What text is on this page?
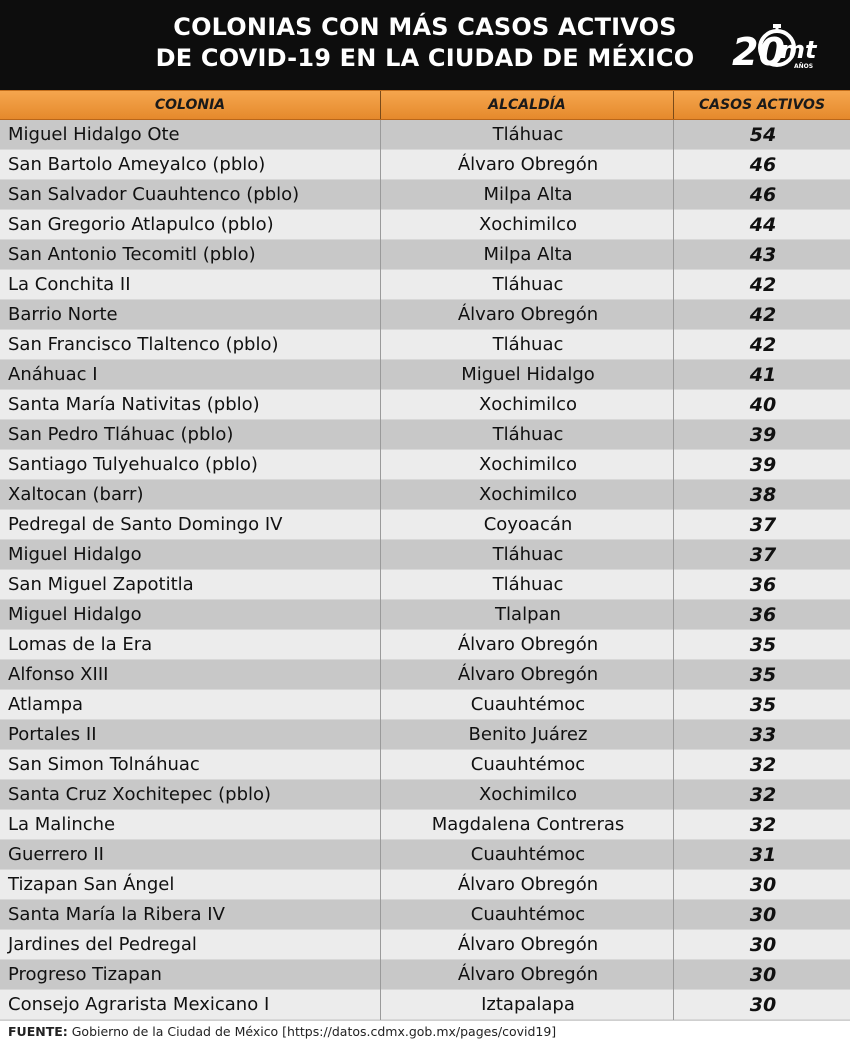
COLONIAS CON MÁS CASOS ACTIVOS
DE COVID-19 EN LA CIUDAD DE MÉXICO 20
mt
AÑOS
COLONIA	ALCALDÍA	CASOS ACTIVOS
Miguel Hidalgo Ote	Tláhuac	54
San Bartolo Ameyalco (pblo)	Álvaro Obregón	46
San Salvador Cuauhtenco (pblo)	Milpa Alta	46
San Gregorio Atlapulco (pblo)	Xochimilco	44
San Antonio Tecomitl (pblo)	Milpa Alta	43
La Conchita II	Tláhuac	42
Barrio Norte	Álvaro Obregón	42
San Francisco Tlaltenco (pblo)	Tláhuac	42
Anáhuac I	Miguel Hidalgo	41
Santa María Nativitas (pblo)	Xochimilco	40
San Pedro Tláhuac (pblo)	Tláhuac	39
Santiago Tulyehualco (pblo)	Xochimilco	39
Xaltocan (barr)	Xochimilco	38
Pedregal de Santo Domingo IV	Coyoacán	37
Miguel Hidalgo	Tláhuac	37
San Miguel Zapotitla	Tláhuac	36
Miguel Hidalgo	Tlalpan	36
Lomas de la Era	Álvaro Obregón	35
Alfonso XIII	Álvaro Obregón	35
Atlampa	Cuauhtémoc	35
Portales II	Benito Juárez	33
San Simon Tolnáhuac	Cuauhtémoc	32
Santa Cruz Xochitepec (pblo)	Xochimilco	32
La Malinche	Magdalena Contreras	32
Guerrero II	Cuauhtémoc	31
Tizapan San Ángel	Álvaro Obregón	30
Santa María la Ribera IV	Cuauhtémoc	30
Jardines del Pedregal	Álvaro Obregón	30
Progreso Tizapan	Álvaro Obregón	30
Consejo Agrarista Mexicano I	Iztapalapa	30
FUENTE: Gobierno de la Ciudad de México [https://datos.cdmx.gob.mx/pages/covid19]
